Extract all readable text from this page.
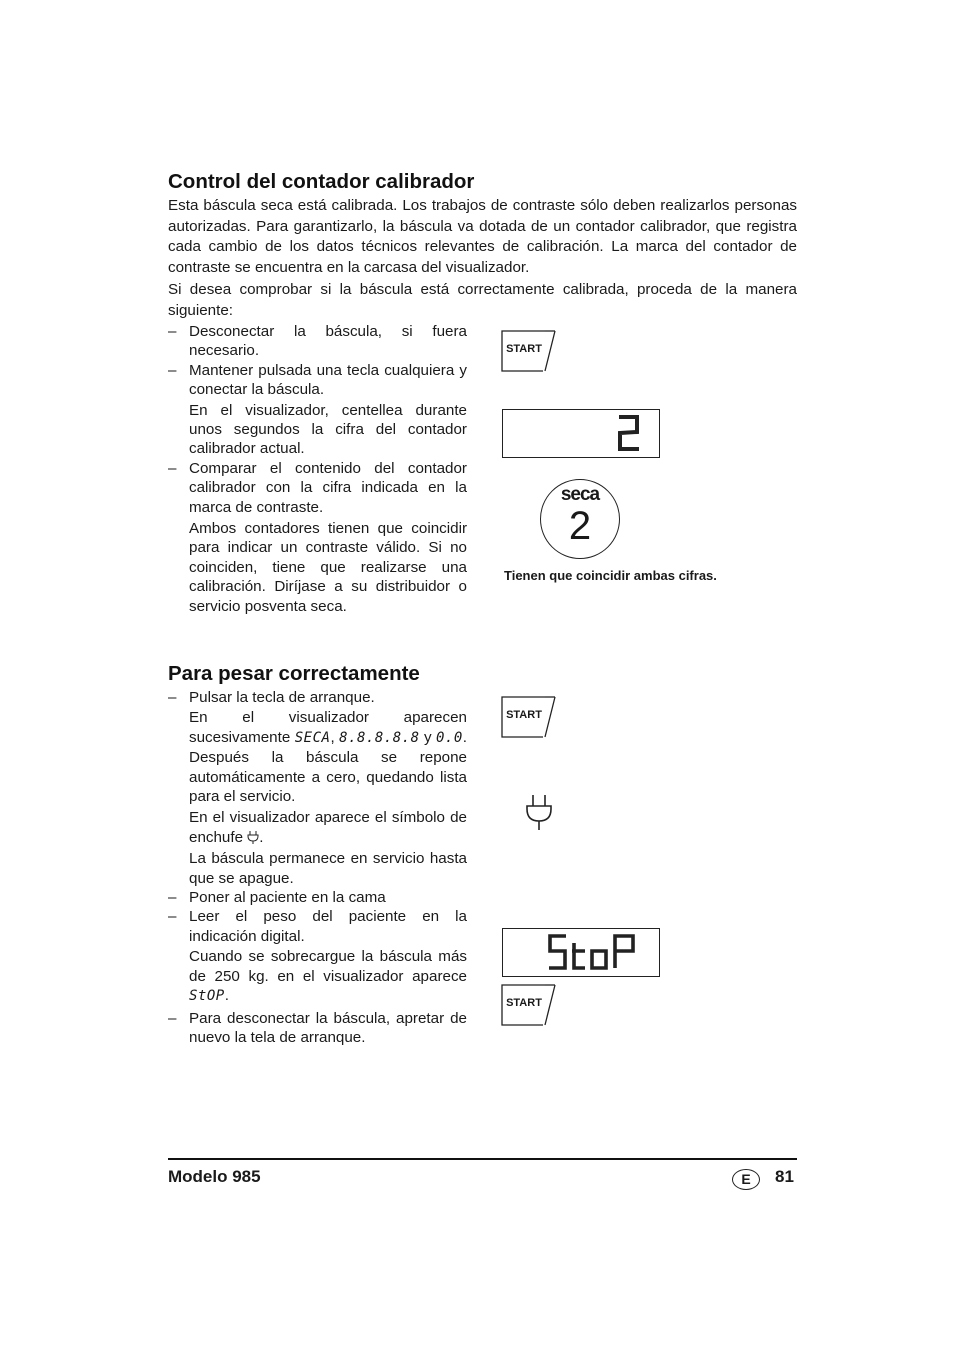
Control del contador calibrador
Esta báscula seca está calibrada. Los trabajos de contraste sólo deben realizarlos personas autorizadas. Para garantizarlo, la báscula va dotada de un contador calibrador, que registra cada cambio de los datos técnicos relevantes de calibración. La marca del contador de contraste se encuentra en la carcasa del visualizador.
Si desea comprobar si la báscula está correctamente calibrada, proceda de la manera siguiente:
– Desconectar la báscula, si fuera necesario.
– Mantener pulsada una tecla cualquiera y conectar la báscula.
En el visualizador, centellea durante unos segundos la cifra del contador calibrador actual.
– Comparar el contenido del contador calibrador con la cifra indicada en la marca de contraste.
Ambos contadores tienen que coincidir para indicar un contraste válido. Si no coinciden, tiene que realizarse una calibración. Diríjase a su distribuidor o servicio posventa seca.
START
seca
2
Tienen que coincidir ambas cifras.
Para pesar correctamente
– Pulsar la tecla de arranque.
En el visualizador aparecen sucesivamente SECA, 8.8.8.8.8 y 0.0. Después la báscula se repone automáticamente a cero, quedando lista para el servicio.
En el visualizador aparece el símbolo de enchufe .
La báscula permanece en servicio hasta que se apague.
– Poner al paciente en la cama
– Leer el peso del paciente en la indicación digital.
Cuando se sobrecargue la báscula más de 250 kg. en el visualizador aparece StOP.
– Para desconectar la báscula, apretar de nuevo la tela de arranque.
START
START
Modelo 985	E	81
